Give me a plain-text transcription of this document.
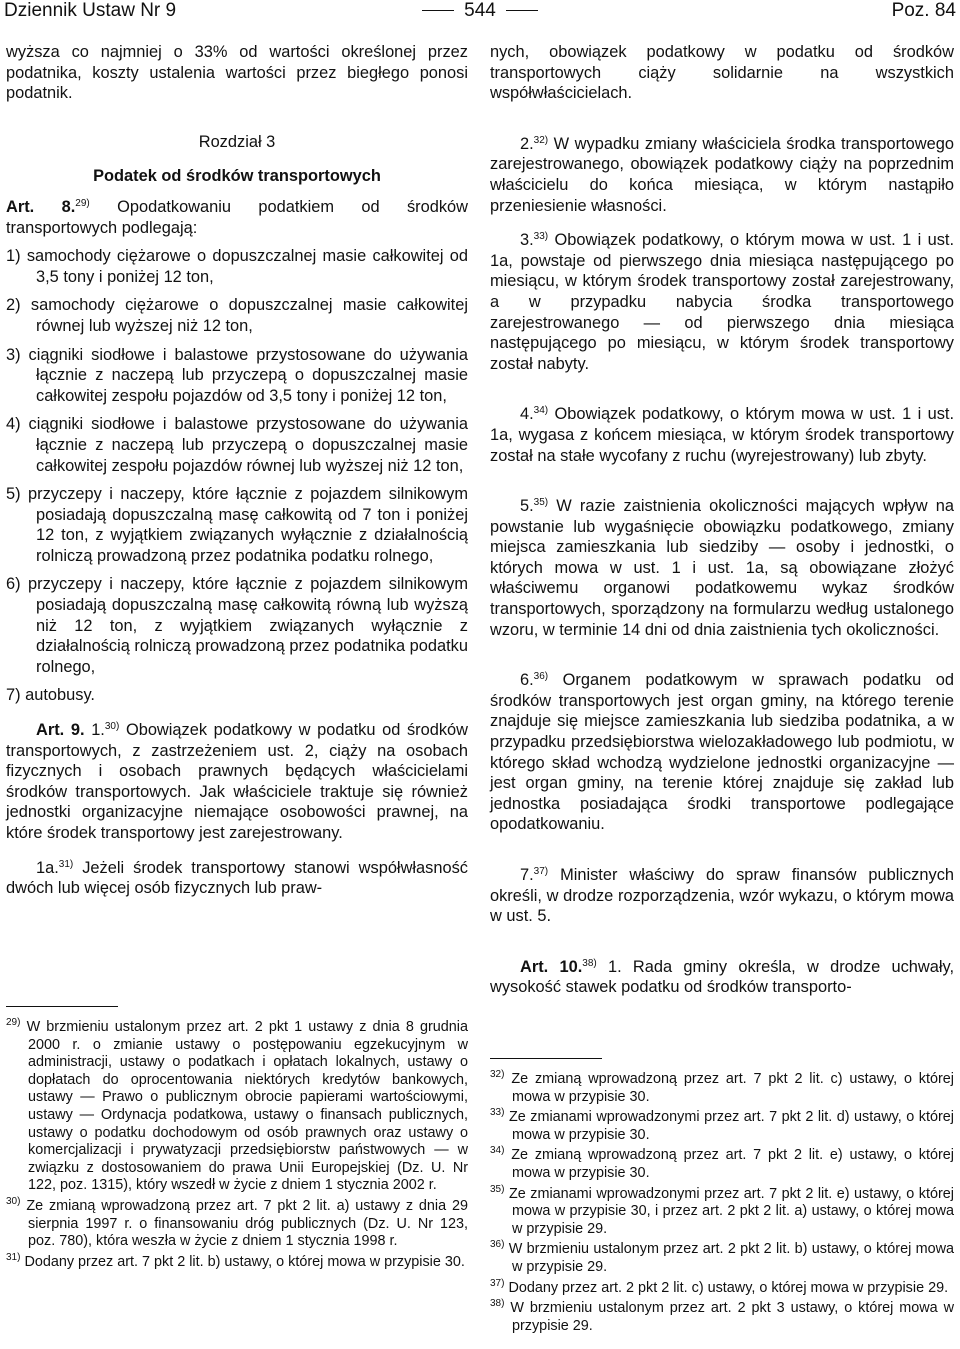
Dziennik Ustaw Nr 9	544	Poz. 84

wyższa co najmniej o 33% od wartości określonej przez podatnika, koszty ustalenia wartości przez biegłego ponosi podatnik.

Rozdział 3

Podatek od środków transportowych

Art. 8.$^{29)}$ Opodatkowaniu podatkiem od środków transportowych podlegają:

1) samochody ciężarowe o dopuszczalnej masie całkowitej od 3,5 tony i poniżej 12 ton,

2) samochody ciężarowe o dopuszczalnej masie całkowitej równej lub wyższej niż 12 ton,

3) ciągniki siodłowe i balastowe przystosowane do używania łącznie z naczepą lub przyczepą o dopuszczalnej masie całkowitej zespołu pojazdów od 3,5 tony i poniżej 12 ton,

4) ciągniki siodłowe i balastowe przystosowane do używania łącznie z naczepą lub przyczepą o dopuszczalnej masie całkowitej zespołu pojazdów równej lub wyższej niż 12 ton,

5) przyczepy i naczepy, które łącznie z pojazdem silnikowym posiadają dopuszczalną masę całkowitą od 7 ton i poniżej 12 ton, z wyjątkiem związanych wyłącznie z działalnością rolniczą prowadzoną przez podatnika podatku rolnego,

6) przyczepy i naczepy, które łącznie z pojazdem silnikowym posiadają dopuszczalną masę całkowitą równą lub wyższą niż 12 ton, z wyjątkiem związanych wyłącznie z działalnością rolniczą prowadzoną przez podatnika podatku rolnego,

7) autobusy.

Art. 9. 1.$^{30)}$ Obowiązek podatkowy w podatku od środków transportowych, z zastrzeżeniem ust. 2, ciąży na osobach fizycznych i osobach prawnych będących właścicielami środków transportowych. Jak właściciele traktuje się również jednostki organizacyjne niemające osobowości prawnej, na które środek transportowy jest zarejestrowany.

1a.$^{31)}$ Jeżeli środek transportowy stanowi współwłasność dwóch lub więcej osób fizycznych lub praw-

nych, obowiązek podatkowy w podatku od środków transportowych ciąży solidarnie na wszystkich współwłaścicielach.

2.$^{32)}$ W wypadku zmiany właściciela środka transportowego zarejestrowanego, obowiązek podatkowy ciąży na poprzednim właścicielu do końca miesiąca, w którym nastąpiło przeniesienie własności.

3.$^{33)}$ Obowiązek podatkowy, o którym mowa w ust. 1 i ust. 1a, powstaje od pierwszego dnia miesiąca następującego po miesiącu, w którym środek transportowy został zarejestrowany, a w przypadku nabycia środka transportowego zarejestrowanego — od pierwszego dnia miesiąca następującego po miesiącu, w którym środek transportowy został nabyty.

4.$^{34)}$ Obowiązek podatkowy, o którym mowa w ust. 1 i ust. 1a, wygasa z końcem miesiąca, w którym środek transportowy został na stałe wycofany z ruchu (wyrejestrowany) lub zbyty.

5.$^{35)}$ W razie zaistnienia okoliczności mających wpływ na powstanie lub wygaśnięcie obowiązku podatkowego, zmiany miejsca zamieszkania lub siedziby — osoby i jednostki, o których mowa w ust. 1 i ust. 1a, są obowiązane złożyć właściwemu organowi podatkowemu wykaz środków transportowych, sporządzony na formularzu według ustalonego wzoru, w terminie 14 dni od dnia zaistnienia tych okoliczności.

6.$^{36)}$ Organem podatkowym w sprawach podatku od środków transportowych jest organ gminy, na którego terenie znajduje się miejsce zamieszkania lub siedziba podatnika, a w przypadku przedsiębiorstwa wielozakładowego lub podmiotu, w którego skład wchodzą wydzielone jednostki organizacyjne — jest organ gminy, na terenie której znajduje się zakład lub jednostka posiadająca środki transportowe podlegające opodatkowaniu.

7.$^{37)}$ Minister właściwy do spraw finansów publicznych określi, w drodze rozporządzenia, wzór wykazu, o którym mowa w ust. 5.

Art. 10.$^{38)}$ 1. Rada gminy określa, w drodze uchwały, wysokość stawek podatku od środków transporto-

$^{29)}$ W brzmieniu ustalonym przez art. 2 pkt 1 ustawy z dnia 8 grudnia 2000 r. o zmianie ustawy o postępowaniu egzekucyjnym w administracji, ustawy o podatkach i opłatach lokalnych, ustawy o dopłatach do oprocentowania niektórych kredytów bankowych, ustawy — Prawo o publicznym obrocie papierami wartościowymi, ustawy — Ordynacja podatkowa, ustawy o finansach publicznych, ustawy o podatku dochodowym od osób prawnych oraz ustawy o komercjalizacji i prywatyzacji przedsiębiorstw państwowych — w związku z dostosowaniem do prawa Unii Europejskiej (Dz. U. Nr 122, poz. 1315), który wszedł w życie z dniem 1 stycznia 2002 r.

$^{30)}$ Ze zmianą wprowadzoną przez art. 7 pkt 2 lit. a) ustawy z dnia 29 sierpnia 1997 r. o finansowaniu dróg publicznych (Dz. U. Nr 123, poz. 780), która weszła w życie z dniem 1 stycznia 1998 r.

$^{31)}$ Dodany przez art. 7 pkt 2 lit. b) ustawy, o której mowa w przypisie 30.

$^{32)}$ Ze zmianą wprowadzoną przez art. 7 pkt 2 lit. c) ustawy, o której mowa w przypisie 30.

$^{33)}$ Ze zmianami wprowadzonymi przez art. 7 pkt 2 lit. d) ustawy, o której mowa w przypisie 30.

$^{34)}$ Ze zmianą wprowadzoną przez art. 7 pkt 2 lit. e) ustawy, o której mowa w przypisie 30.

$^{35)}$ Ze zmianami wprowadzonymi przez art. 7 pkt 2 lit. e) ustawy, o której mowa w przypisie 30, i przez art. 2 pkt 2 lit. a) ustawy, o której mowa w przypisie 29.

$^{36)}$ W brzmieniu ustalonym przez art. 2 pkt 2 lit. b) ustawy, o której mowa w przypisie 29.

$^{37)}$ Dodany przez art. 2 pkt 2 lit. c) ustawy, o której mowa w przypisie 29.

$^{38)}$ W brzmieniu ustalonym przez art. 2 pkt 3 ustawy, o której mowa w przypisie 29.
